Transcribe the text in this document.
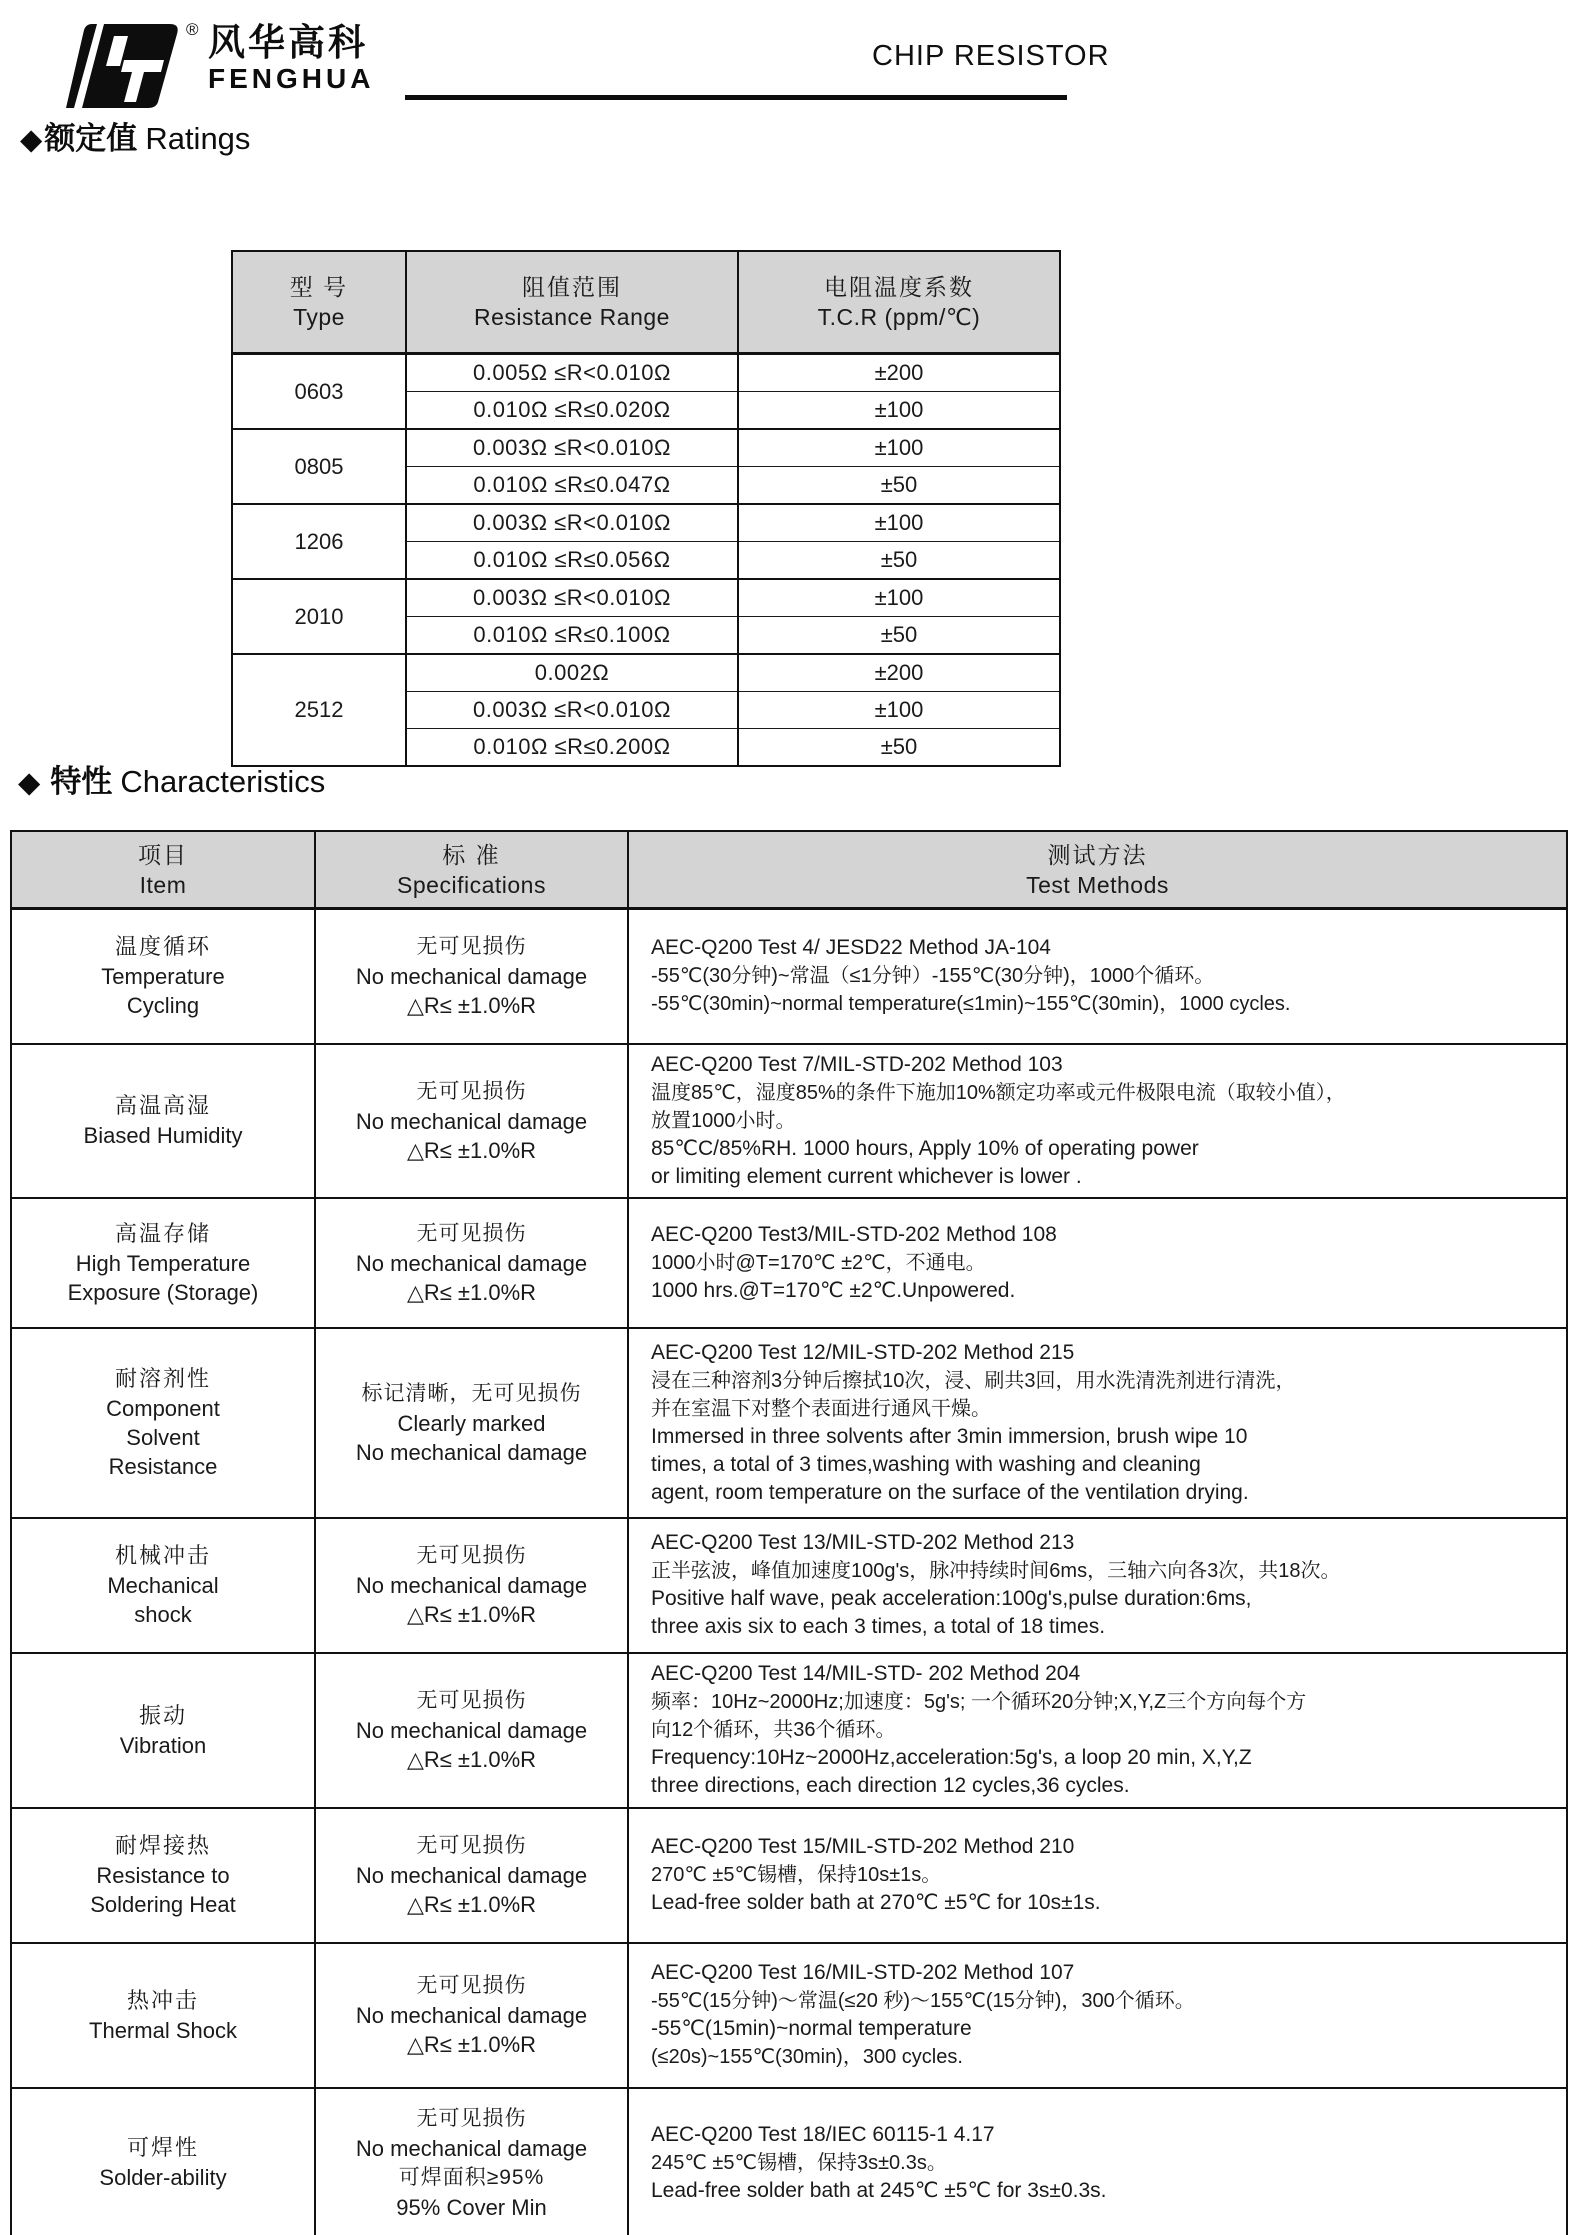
® 风华高科
FENGHUA
CHIP RESISTOR
◆额定值 Ratings
型 号
Type

阻值范围
Resistance Range

电阻温度系数
T.C.R (ppm/℃)

0603	0.005Ω ≤R<0.010Ω	±200
	0.010Ω ≤R≤0.020Ω	±100
0805	0.003Ω ≤R<0.010Ω	±100
	0.010Ω ≤R≤0.047Ω	±50
1206	0.003Ω ≤R<0.010Ω	±100
	0.010Ω ≤R≤0.056Ω	±50
2010	0.003Ω ≤R<0.010Ω	±100
	0.010Ω ≤R≤0.100Ω	±50
2512	0.002Ω	±200
	0.003Ω ≤R<0.010Ω	±100
	0.010Ω ≤R≤0.200Ω	±50
◆ 特性 Characteristics
项目
Item

标 准
Specifications

测试方法
Test Methods

温度循环
Temperature
Cycling

无可见损伤
No mechanical damage
△R≤ ±1.0%R

AEC-Q200 Test 4/ JESD22 Method JA-104
-55℃(30分钟)~常温（≤1分钟）-155℃(30分钟)，1000个循环。
-55℃(30min)~normal temperature(≤1min)~155℃(30min)，1000 cycles.

高温高湿
Biased Humidity

无可见损伤
No mechanical damage
△R≤ ±1.0%R

AEC-Q200 Test 7/MIL-STD-202 Method 103
温度85℃，湿度85%的条件下施加10%额定功率或元件极限电流（取较小值），
放置1000小时。
85℃C/85%RH. 1000 hours, Apply 10% of operating power
or limiting element current whichever is lower .

高温存储
High Temperature
Exposure (Storage)

无可见损伤
No mechanical damage
△R≤ ±1.0%R

AEC-Q200 Test3/MIL-STD-202 Method 108
1000小时@T=170℃ ±2℃，不通电。
1000 hrs.@T=170℃ ±2℃.Unpowered.

耐溶剂性
Component
Solvent
Resistance

标记清晰，无可见损伤
Clearly marked
No mechanical damage

AEC-Q200 Test 12/MIL-STD-202 Method 215
浸在三种溶剂3分钟后擦拭10次，浸、刷共3回，用水洗清洗剂进行清洗，
并在室温下对整个表面进行通风干燥。
Immersed in three solvents after 3min immersion, brush wipe 10
times, a total of 3 times,washing with washing and cleaning
agent, room temperature on the surface of the ventilation drying.

机械冲击
Mechanical
shock

无可见损伤
No mechanical damage
△R≤ ±1.0%R

AEC-Q200 Test 13/MIL-STD-202 Method 213
正半弦波，峰值加速度100g's，脉冲持续时间6ms，三轴六向各3次，共18次。
Positive half wave, peak acceleration:100g's,pulse duration:6ms,
three axis six to each 3 times, a total of 18 times.

振动
Vibration

无可见损伤
No mechanical damage
△R≤ ±1.0%R

AEC-Q200 Test 14/MIL-STD- 202 Method 204
频率：10Hz~2000Hz;加速度：5g's; 一个循环20分钟;X,Y,Z三个方向每个方
向12个循环，共36个循环。
Frequency:10Hz~2000Hz,acceleration:5g's, a loop 20 min, X,Y,Z
three directions, each direction 12 cycles,36 cycles.

耐焊接热
Resistance to
Soldering Heat

无可见损伤
No mechanical damage
△R≤ ±1.0%R

AEC-Q200 Test 15/MIL-STD-202 Method 210
270℃ ±5℃锡槽，保持10s±1s。
Lead-free solder bath at 270℃ ±5℃ for 10s±1s.

热冲击
Thermal Shock

无可见损伤
No mechanical damage
△R≤ ±1.0%R

AEC-Q200 Test 16/MIL-STD-202 Method 107
-55℃(15分钟)～常温(≤20 秒)～155℃(15分钟)，300个循环。
-55℃(15min)~normal temperature
(≤20s)~155℃(30min)，300 cycles.

可焊性
Solder-ability

无可见损伤
No mechanical damage
可焊面积≥95%
95% Cover Min

AEC-Q200 Test 18/IEC 60115-1 4.17
245℃ ±5℃锡槽，保持3s±0.3s。
Lead-free solder bath at 245℃ ±5℃ for 3s±0.3s.
